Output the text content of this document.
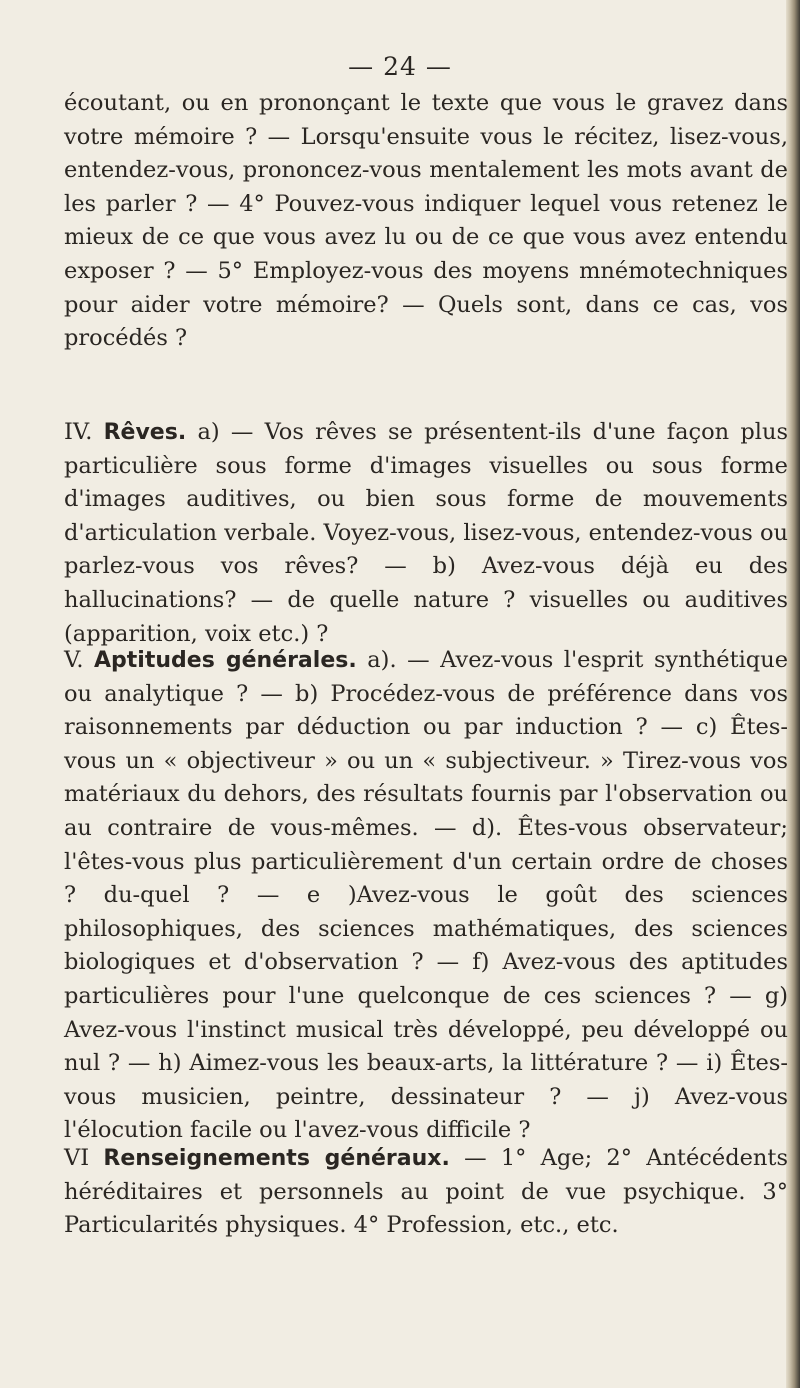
— 24 —

écoutant, ou en prononçant le texte que vous le gravez dans votre mémoire ? — Lorsqu'ensuite vous le récitez, lisez-vous, entendez-vous, prononcez-vous mentalement les mots avant de les parler ? — 4° Pouvez-vous indiquer lequel vous retenez le mieux de ce que vous avez lu ou de ce que vous avez entendu exposer ? — 5° Employez-vous des moyens mnémotechniques pour aider votre mémoire? — Quels sont, dans ce cas, vos procédés ?

IV. Rêves. a) — Vos rêves se présentent-ils d'une façon plus particulière sous forme d'images visuelles ou sous forme d'images auditives, ou bien sous forme de mouvements d'articulation verbale. Voyez-vous, lisez-vous, entendez-vous ou parlez-vous vos rêves? — b) Avez-vous déjà eu des hallucinations? — de quelle nature ? visuelles ou auditives (apparition, voix etc.) ?

V. Aptitudes générales. a). — Avez-vous l'esprit synthétique ou analytique ? — b) Procédez-vous de préférence dans vos raisonnements par déduction ou par induction ? — c) Êtes-vous un « objectiveur » ou un « subjectiveur. » Tirez-vous vos matériaux du dehors, des résultats fournis par l'observation ou au contraire de vous-mêmes. — d). Êtes-vous observateur; l'êtes-vous plus particulièrement d'un certain ordre de choses ? du-quel ? — e )Avez-vous le goût des sciences philosophiques, des sciences mathématiques, des sciences biologiques et d'observation ? — f) Avez-vous des aptitudes particulières pour l'une quelconque de ces sciences ? — g) Avez-vous l'instinct musical très développé, peu développé ou nul ? — h) Aimez-vous les beaux-arts, la littérature ? — i) Êtes-vous musicien, peintre, dessinateur ? — j) Avez-vous l'élocution facile ou l'avez-vous difficile ?

VI Renseignements généraux. — 1° Age; 2° Antécédents héréditaires et personnels au point de vue psychique. 3° Particularités physiques. 4° Profession, etc., etc.
